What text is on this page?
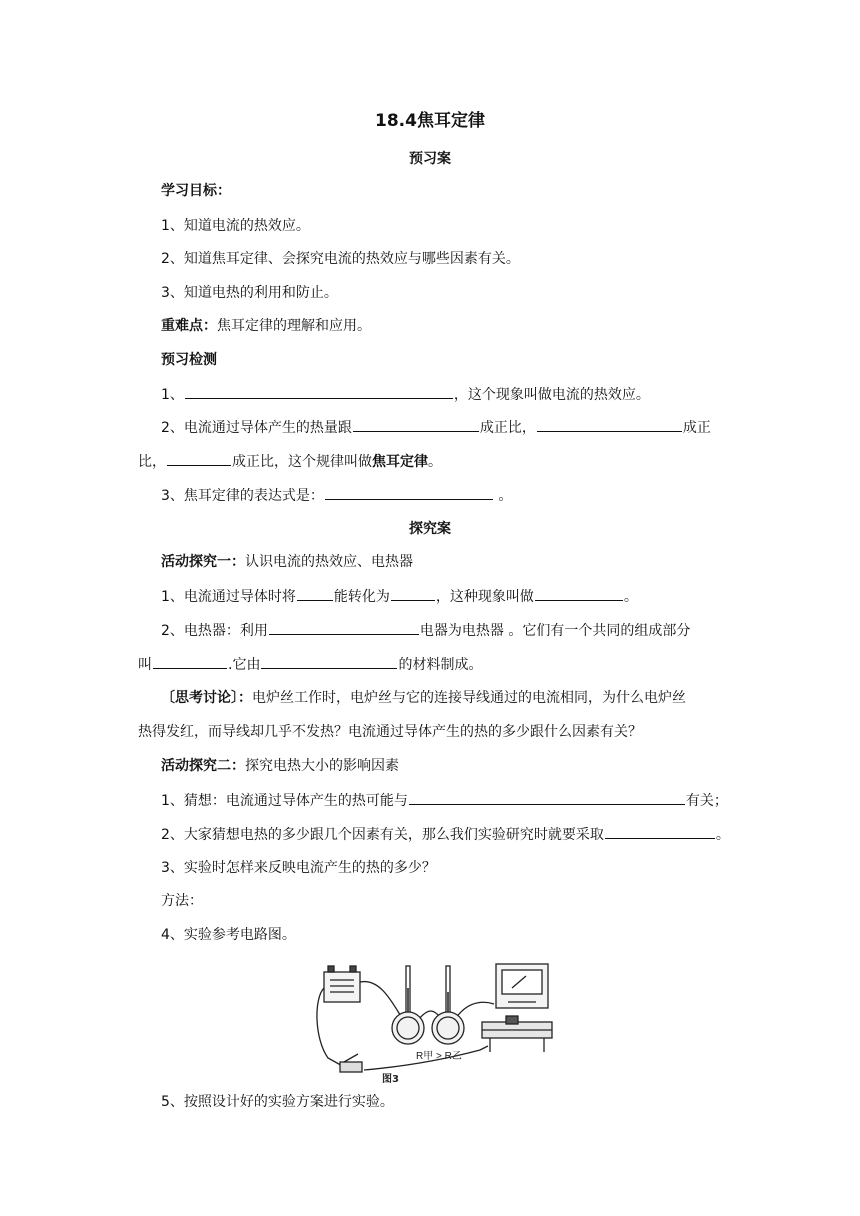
18.4焦耳定律
预习案
学习目标：
1、知道电流的热效应。
2、知道焦耳定律、会探究电流的热效应与哪些因素有关。
3、知道电热的利用和防止。
重难点：焦耳定律的理解和应用。
预习检测
1、	，这个现象叫做电流的热效应。
2、电流通过导体产生的热量跟	成正比，	成正
比，	成正比，这个规律叫做焦耳定律。
3、焦耳定律的表达式是：	。
探究案
活动探究一：认识电流的热效应、电热器
1、电流通过导体时将	能转化为	，这种现象叫做	。
2、电热器：利用	电器为电热器 。它们有一个共同的组成部分
叫	.它由	的材料制成。
〔思考讨论〕：电炉丝工作时，电炉丝与它的连接导线通过的电流相同，为什么电炉丝
热得发红，而导线却几乎不发热？电流通过导体产生的热的多少跟什么因素有关？
活动探究二：探究电热大小的影响因素
1、猜想：电流通过导体产生的热可能与	有关；
2、大家猜想电热的多少跟几个因素有关，那么我们实验研究时就要采取	。
3、实验时怎样来反映电流产生的热的多少？
方法：
4、实验参考电路图。
R甲 > R乙
图3
5、按照设计好的实验方案进行实验。
